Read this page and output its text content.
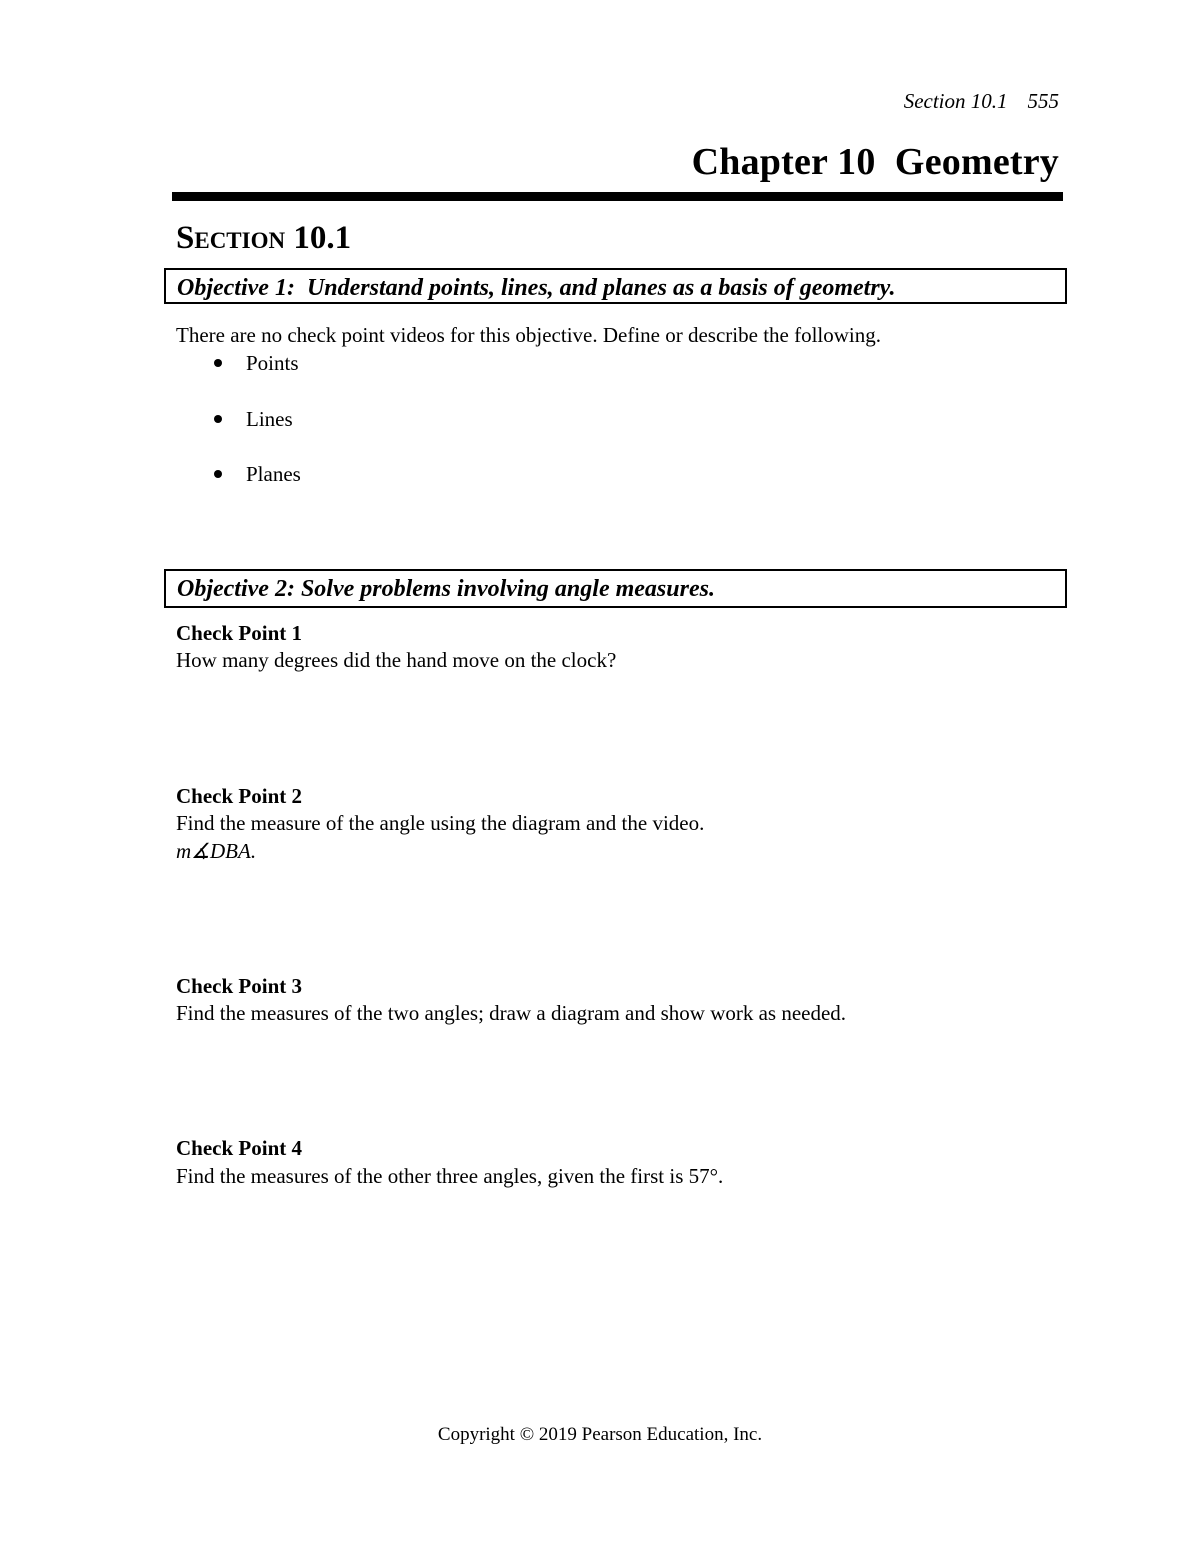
Section 10.1 555
Chapter 10  Geometry
Section 10.1
Objective 1:  Understand points, lines, and planes as a basis of geometry.
There are no check point videos for this objective. Define or describe the following.
Points
Lines
Planes
Objective 2: Solve problems involving angle measures.
Check Point 1
How many degrees did the hand move on the clock?
Check Point 2
Find the measure of the angle using the diagram and the video.
m∡DBA.
Check Point 3
Find the measures of the two angles; draw a diagram and show work as needed.
Check Point 4
Find the measures of the other three angles, given the first is 57°.
Copyright © 2019 Pearson Education, Inc.
